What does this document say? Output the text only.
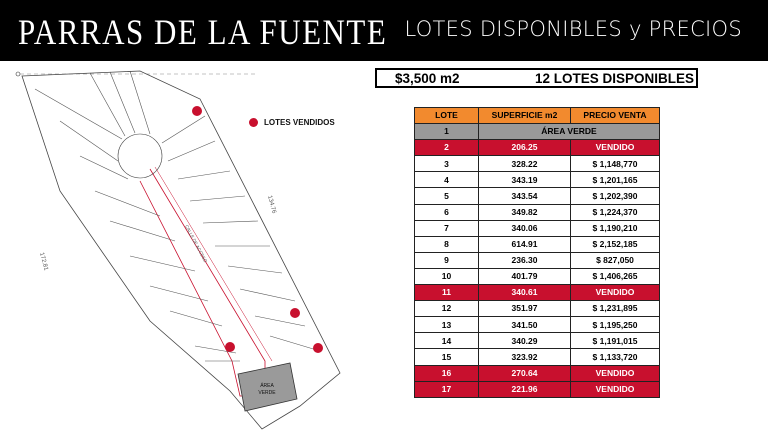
PARRAS DE LA FUENTE LOTES DISPONIBLES y PRECIOS
ÁREA
VERDE
CALLE DE ACCESO
134.76
172.81
LOTES VENDIDOS
$3,500 m2	12 LOTES DISPONIBLES
LOTE	SUPERFICIE m2	PRECIO VENTA
1	ÁREA VERDE	
2	206.25	VENDIDO
3	328.22	$ 1,148,770
4	343.19	$ 1,201,165
5	343.54	$ 1,202,390
6	349.82	$ 1,224,370
7	340.06	$ 1,190,210
8	614.91	$ 2,152,185
9	236.30	$ 827,050
10	401.79	$ 1,406,265
11	340.61	VENDIDO
12	351.97	$ 1,231,895
13	341.50	$ 1,195,250
14	340.29	$ 1,191,015
15	323.92	$ 1,133,720
16	270.64	VENDIDO
17	221.96	VENDIDO
